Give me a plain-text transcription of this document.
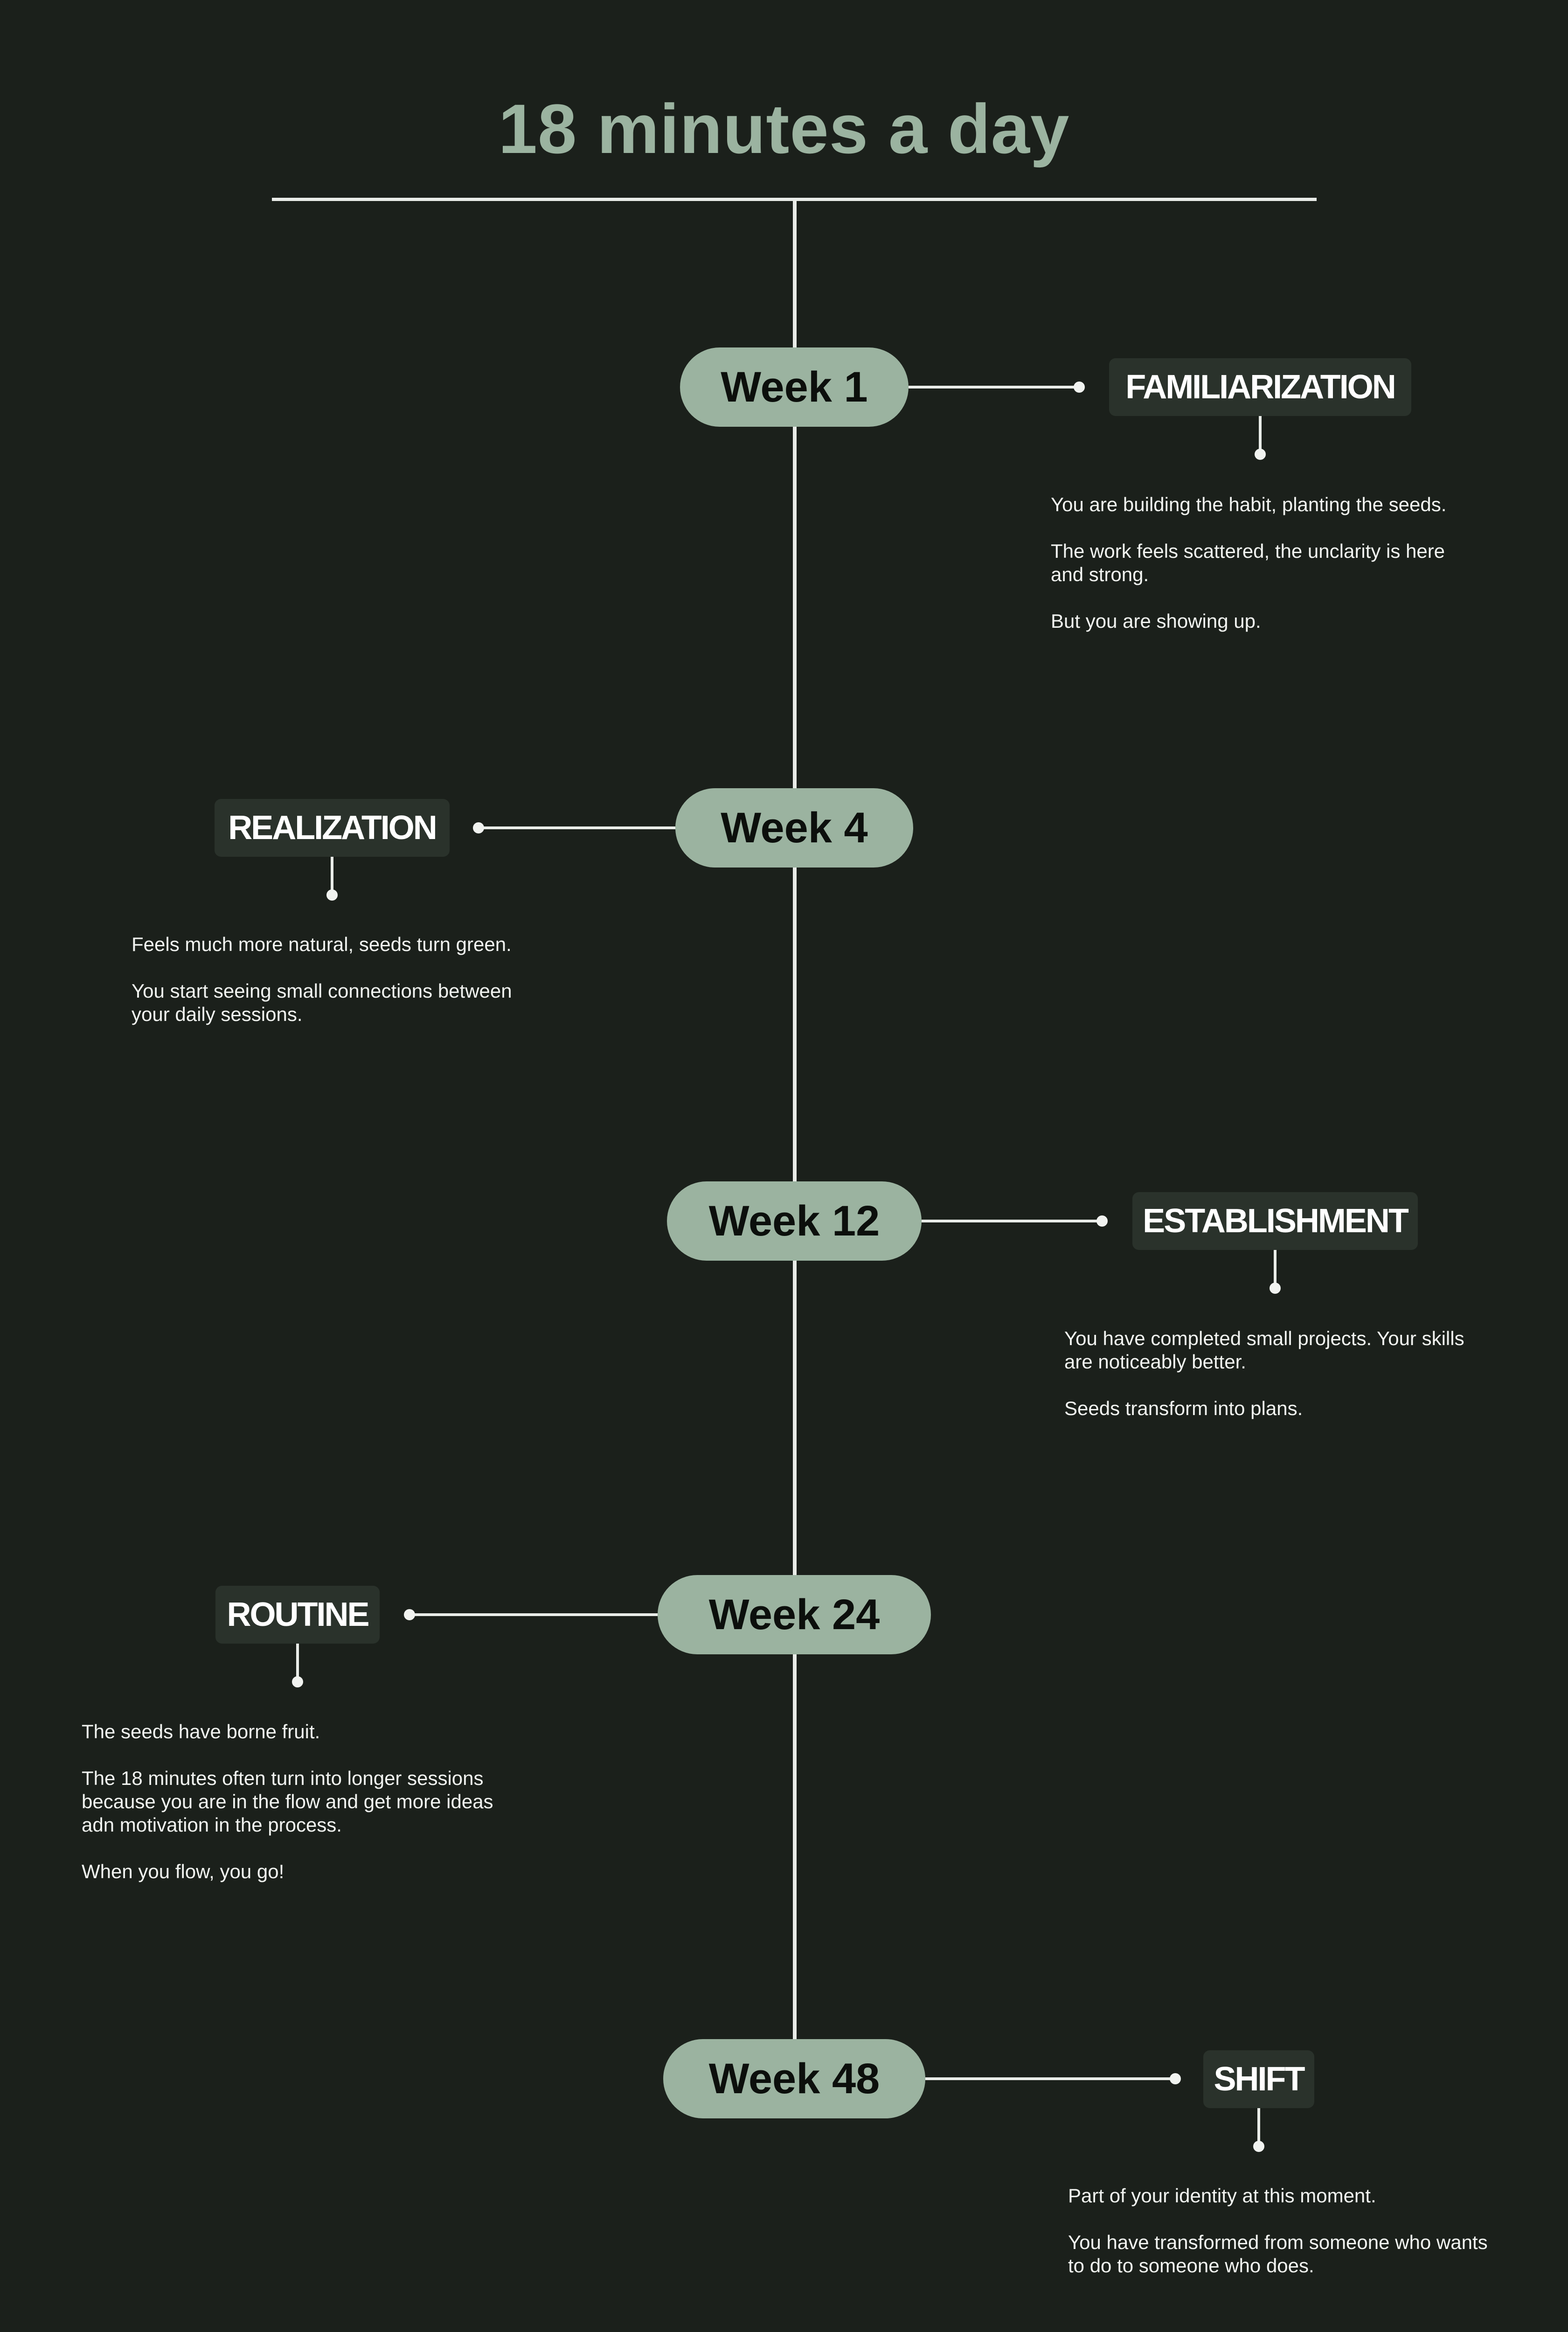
18 minutes a day
Week 1	FAMILIARIZATION

You are building the habit, planting the seeds.

The work feels scattered, the unclarity is here and strong.

But you are showing up.

Week 4
REALIZATION

Feels much more natural, seeds turn green.

You start seeing small connections between your daily sessions.

Week 12	ESTABLISHMENT

You have completed small projects. Your skills are noticeably better.

Seeds transform into plans.

Week 24
ROUTINE

The seeds have borne fruit.

The 18 minutes often turn into longer sessions because you are in the flow and get more ideas adn motivation in the process.

When you flow, you go!

Week 48	SHIFT

Part of your identity at this moment.

You have transformed from someone who wants to do to someone who does.
